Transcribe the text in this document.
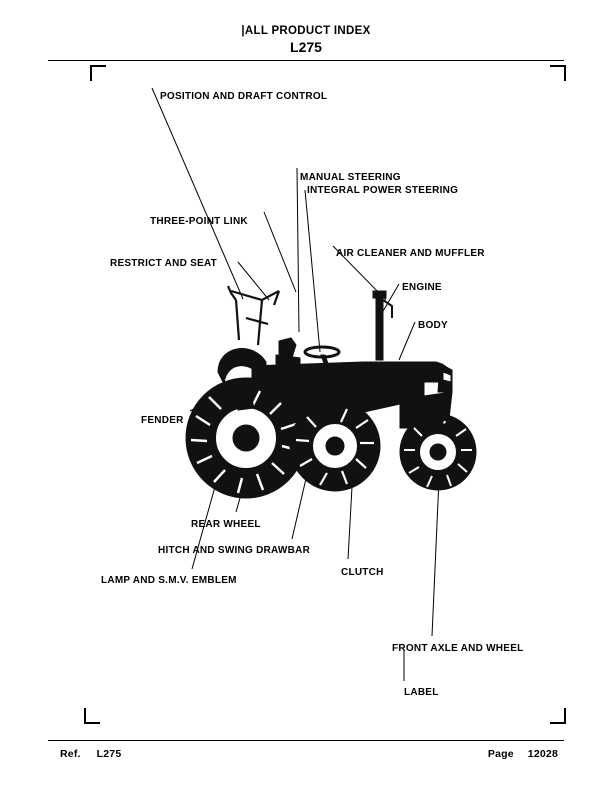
|ALL PRODUCT INDEX
L275
POSITION AND DRAFT CONTROL
MANUAL STEERING
INTEGRAL POWER STEERING
THREE-POINT LINK
AIR CLEANER AND MUFFLER
RESTRICT AND SEAT
ENGINE
BODY
FENDER
REAR WHEEL
HITCH AND SWING DRAWBAR
CLUTCH
LAMP AND S.M.V. EMBLEM
FRONT AXLE AND WHEEL
LABEL
Ref. L275	Page 12028
